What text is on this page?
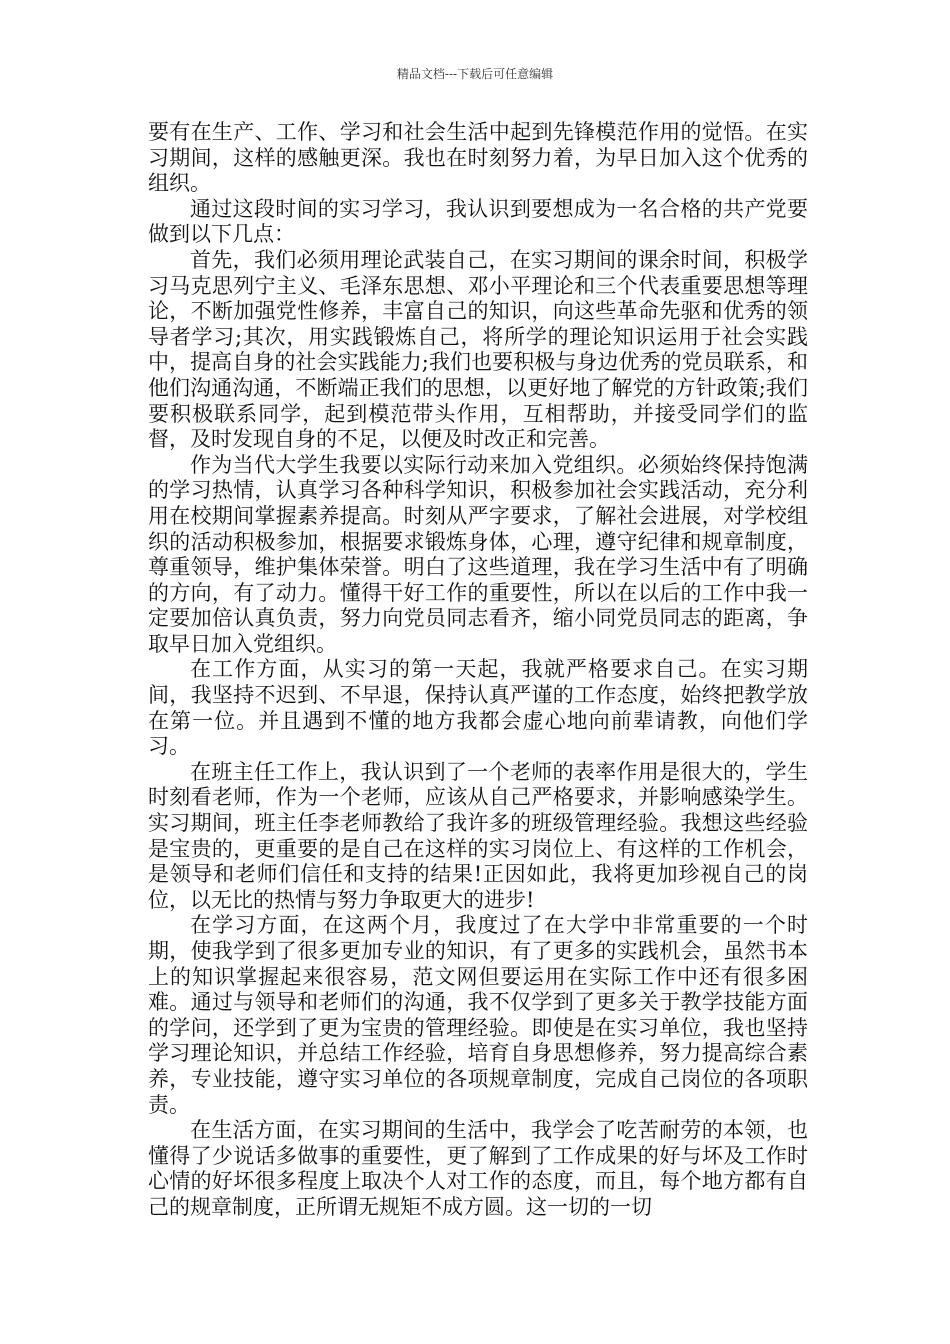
精品文档---下载后可任意编辑

要有在生产、工作、学习和社会生活中起到先锋模范作用的觉悟。在实习期间，这样的感触更深。我也在时刻努力着，为早日加入这个优秀的组织。

通过这段时间的实习学习，我认识到要想成为一名合格的共产党要做到以下几点：

首先，我们必须用理论武装自己，在实习期间的课余时间，积极学习马克思列宁主义、毛泽东思想、邓小平理论和三个代表重要思想等理论，不断加强党性修养，丰富自己的知识，向这些革命先驱和优秀的领导者学习;其次，用实践锻炼自己，将所学的理论知识运用于社会实践中，提高自身的社会实践能力;我们也要积极与身边优秀的党员联系，和他们沟通沟通，不断端正我们的思想，以更好地了解党的方针政策;我们要积极联系同学，起到模范带头作用，互相帮助，并接受同学们的监督，及时发现自身的不足，以便及时改正和完善。

作为当代大学生我要以实际行动来加入党组织。必须始终保持饱满的学习热情，认真学习各种科学知识，积极参加社会实践活动，充分利用在校期间掌握素养提高。时刻从严字要求，了解社会进展，对学校组织的活动积极参加，根据要求锻炼身体，心理，遵守纪律和规章制度，尊重领导，维护集体荣誉。明白了这些道理，我在学习生活中有了明确的方向，有了动力。懂得干好工作的重要性，所以在以后的工作中我一定要加倍认真负责，努力向党员同志看齐，缩小同党员同志的距离，争取早日加入党组织。

在工作方面，从实习的第一天起，我就严格要求自己。在实习期间，我坚持不迟到、不早退，保持认真严谨的工作态度，始终把教学放在第一位。并且遇到不懂的地方我都会虚心地向前辈请教，向他们学习。

在班主任工作上，我认识到了一个老师的表率作用是很大的，学生时刻看老师，作为一个老师，应该从自己严格要求，并影响感染学生。实习期间，班主任李老师教给了我许多的班级管理经验。我想这些经验是宝贵的，更重要的是自己在这样的实习岗位上、有这样的工作机会，是领导和老师们信任和支持的结果!正因如此，我将更加珍视自己的岗位，以无比的热情与努力争取更大的进步!

在学习方面，在这两个月，我度过了在大学中非常重要的一个时期，使我学到了很多更加专业的知识，有了更多的实践机会，虽然书本上的知识掌握起来很容易，范文网但要运用在实际工作中还有很多困难。通过与领导和老师们的沟通，我不仅学到了更多关于教学技能方面的学问，还学到了更为宝贵的管理经验。即使是在实习单位，我也坚持学习理论知识，并总结工作经验，培育自身思想修养，努力提高综合素养，专业技能，遵守实习单位的各项规章制度，完成自己岗位的各项职责。

在生活方面，在实习期间的生活中，我学会了吃苦耐劳的本领，也懂得了少说话多做事的重要性，更了解到了工作成果的好与坏及工作时心情的好坏很多程度上取决个人对工作的态度，而且，每个地方都有自己的规章制度，正所谓无规矩不成方圆。这一切的一切
